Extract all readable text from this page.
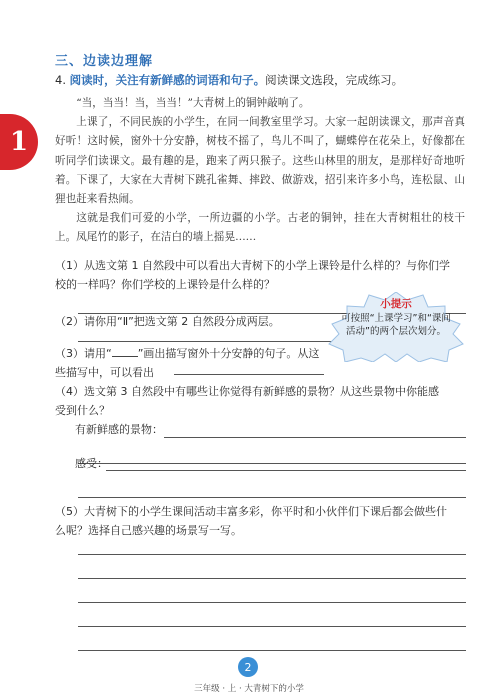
1
三、边读边理解
4. 阅读时，关注有新鲜感的词语和句子。阅读课文选段，完成练习。

“当，当当！当，当当！”大青树上的铜钟敲响了。

上课了，不同民族的小学生，在同一间教室里学习。大家一起朗读课文，那声音真好听！这时候，窗外十分安静，树枝不摇了，鸟儿不叫了，蝴蝶停在花朵上，好像都在听同学们读课文。最有趣的是，跑来了两只猴子。这些山林里的朋友，是那样好奇地听着。下课了，大家在大青树下跳孔雀舞、摔跤、做游戏，招引来许多小鸟，连松鼠、山狸也赶来看热闹。

这就是我们可爱的小学，一所边疆的小学。古老的铜钟，挂在大青树粗壮的枝干上。凤尾竹的影子，在洁白的墙上摇晃……

（1）从选文第 1 自然段中可以看出大青树下的小学上课铃是什么样的？与你们学
校的一样吗？你们学校的上课铃是什么样的？
小提示
可按照“上课学习”和“课间活动”的两个层次划分。
（2）请你用“Ⅱ”把选文第 2 自然段分成两层。
（3）请用“ ”画出描写窗外十分安静的句子。从这
些描写中，可以看出
（4）选文第 3 自然段中有哪些让你觉得有新鲜感的景物？从这些景物中你能感
受到什么？
有新鲜感的景物：
感受：
（5）大青树下的小学生课间活动丰富多彩，你平时和小伙伴们下课后都会做些什
么呢？选择自己感兴趣的场景写一写。
2
三年级 · 上 · 大青树下的小学
